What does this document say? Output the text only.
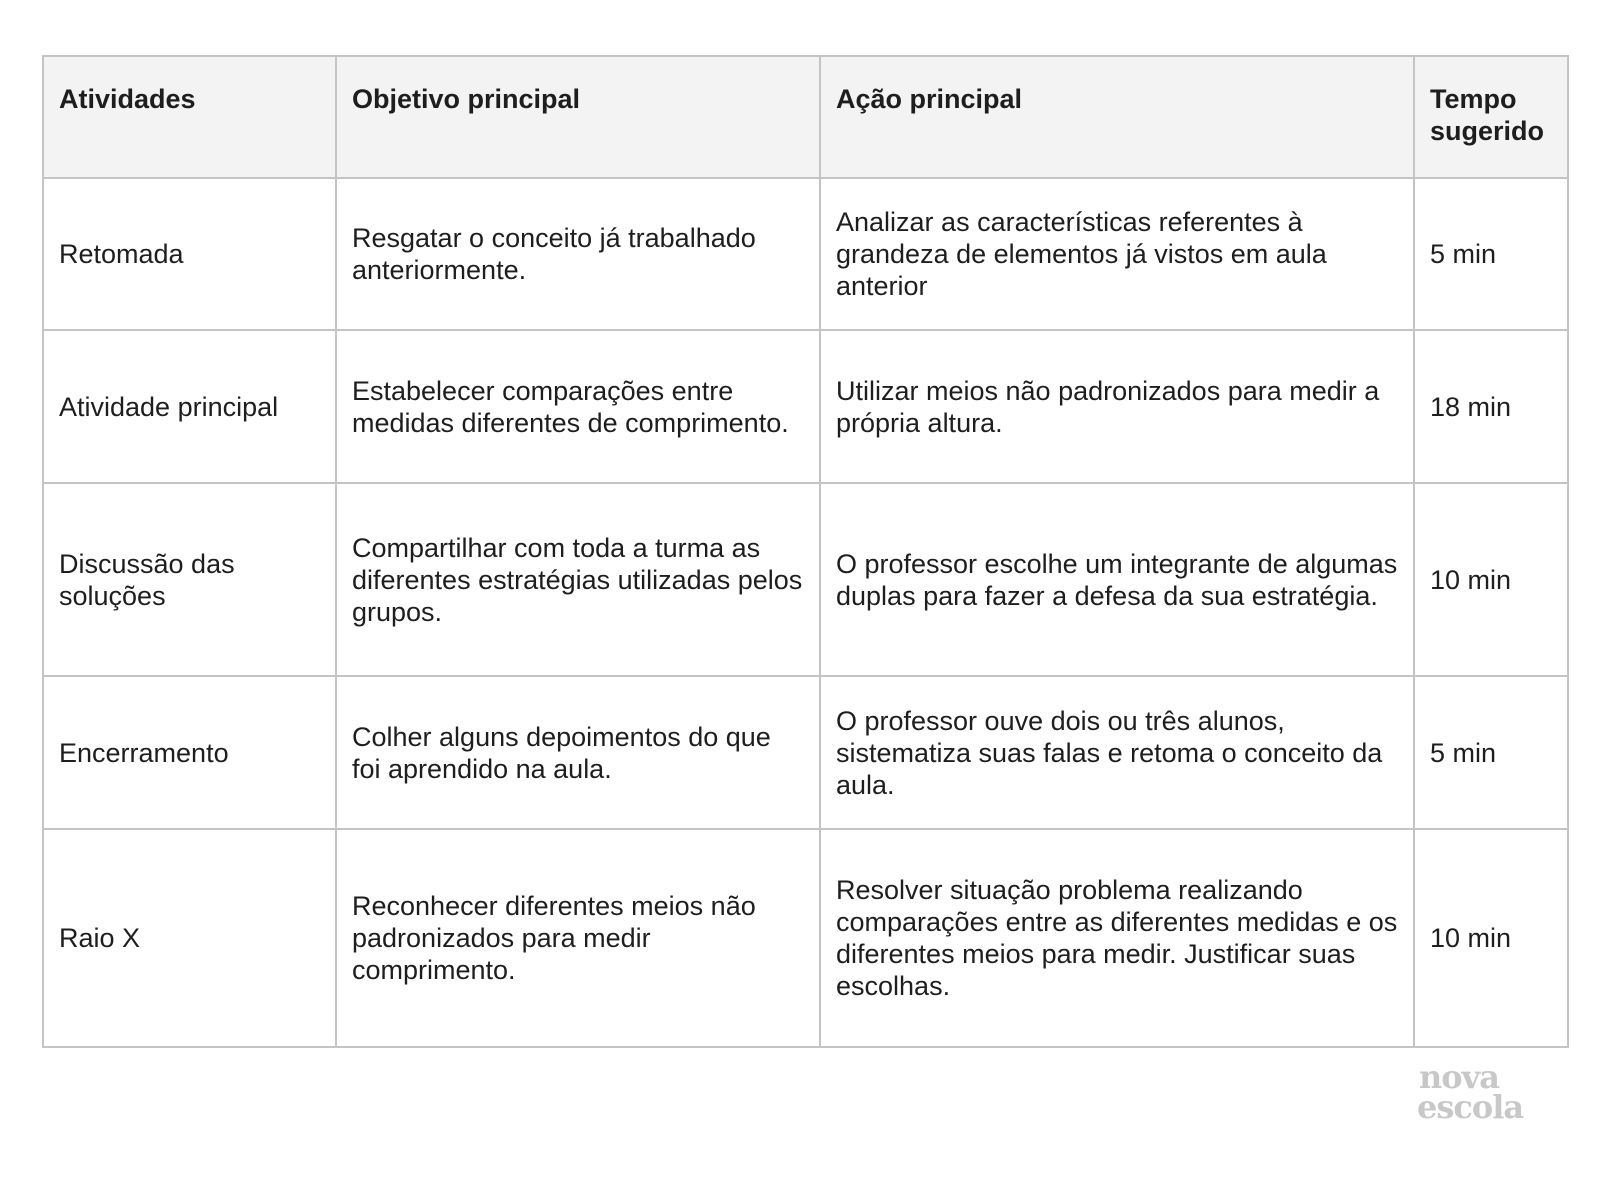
Atividades	Objetivo principal	Ação principal	Tempo sugerido
Retomada	Resgatar o conceito já trabalhado anteriormente.	Analizar as características referentes à grandeza de elementos já vistos em aula anterior	5 min
Atividade principal	Estabelecer comparações entre medidas diferentes de comprimento.	Utilizar meios não padronizados para medir a própria altura.	18 min
Discussão das soluções	Compartilhar com toda a turma as diferentes estratégias utilizadas pelos grupos.	O professor escolhe um integrante de algumas duplas para fazer a defesa da sua estratégia.	10 min
Encerramento	Colher alguns depoimentos do que foi aprendido na aula.	O professor ouve dois ou três alunos, sistematiza suas falas e retoma o conceito da aula.	5 min
Raio X	Reconhecer diferentes meios não padronizados para medir comprimento.	Resolver situação problema realizando comparações entre as diferentes medidas e os diferentes meios para medir. Justificar suas escolhas.	10 min
nova
escola
